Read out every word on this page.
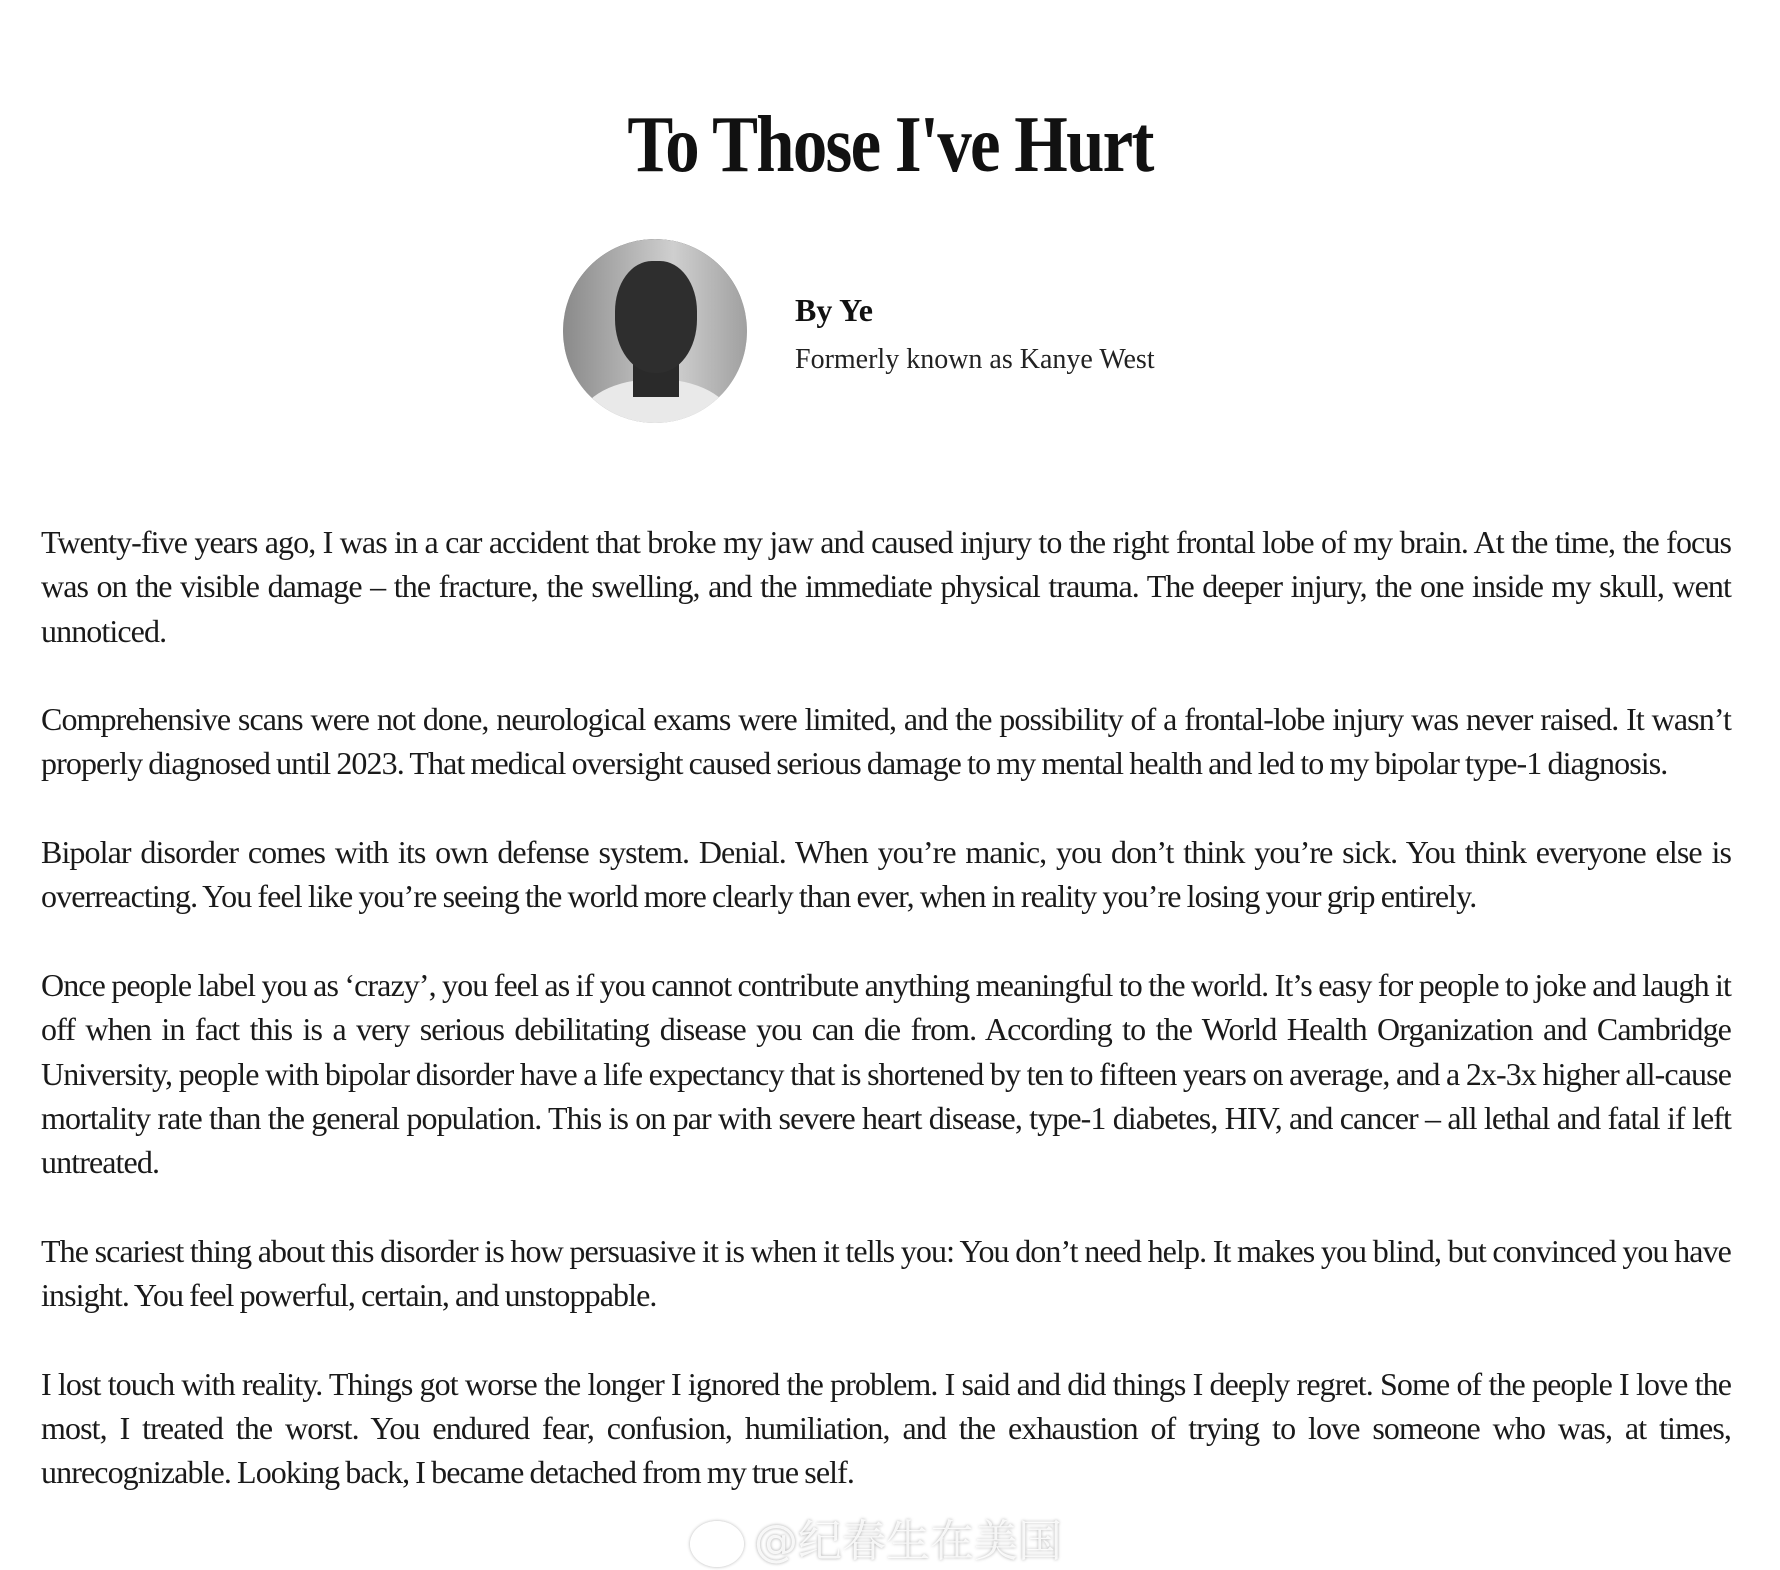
To Those I've Hurt
By Ye
Formerly known as Kanye West

Twenty-five years ago, I was in a car accident that broke my jaw and caused injury to the right frontal lobe of my brain. At the time, the focus was on the visible damage – the fracture, the swelling, and the immediate physical trauma. The deeper injury, the one inside my skull, went unnoticed.

Comprehensive scans were not done, neurological exams were limited, and the possibility of a frontal-lobe injury was never raised. It wasn’t properly diagnosed until 2023. That medical oversight caused serious damage to my mental health and led to my bipolar type-1 diagnosis.

Bipolar disorder comes with its own defense system. Denial. When you’re manic, you don’t think you’re sick. You think everyone else is overreacting. You feel like you’re seeing the world more clearly than ever, when in reality you’re losing your grip entirely.

Once people label you as ‘crazy’, you feel as if you cannot contribute anything meaningful to the world. It’s easy for people to joke and laugh it off when in fact this is a very serious debilitating disease you can die from. According to the World Health Organization and Cambridge University, people with bipolar disorder have a life expectancy that is shortened by ten to fifteen years on average, and a 2x-3x higher all-cause mortality rate than the general population. This is on par with severe heart disease, type-1 diabetes, HIV, and cancer – all lethal and fatal if left untreated.

The scariest thing about this disorder is how persuasive it is when it tells you: You don’t need help. It makes you blind, but convinced you have insight. You feel powerful, certain, and unstoppable.

I lost touch with reality. Things got worse the longer I ignored the problem. I said and did things I deeply regret. Some of the people I love the most, I treated the worst. You endured fear, confusion, humiliation, and the exhaustion of trying to love someone who was, at times, unrecognizable. Looking back, I became detached from my true self.

@纪春生在美国
